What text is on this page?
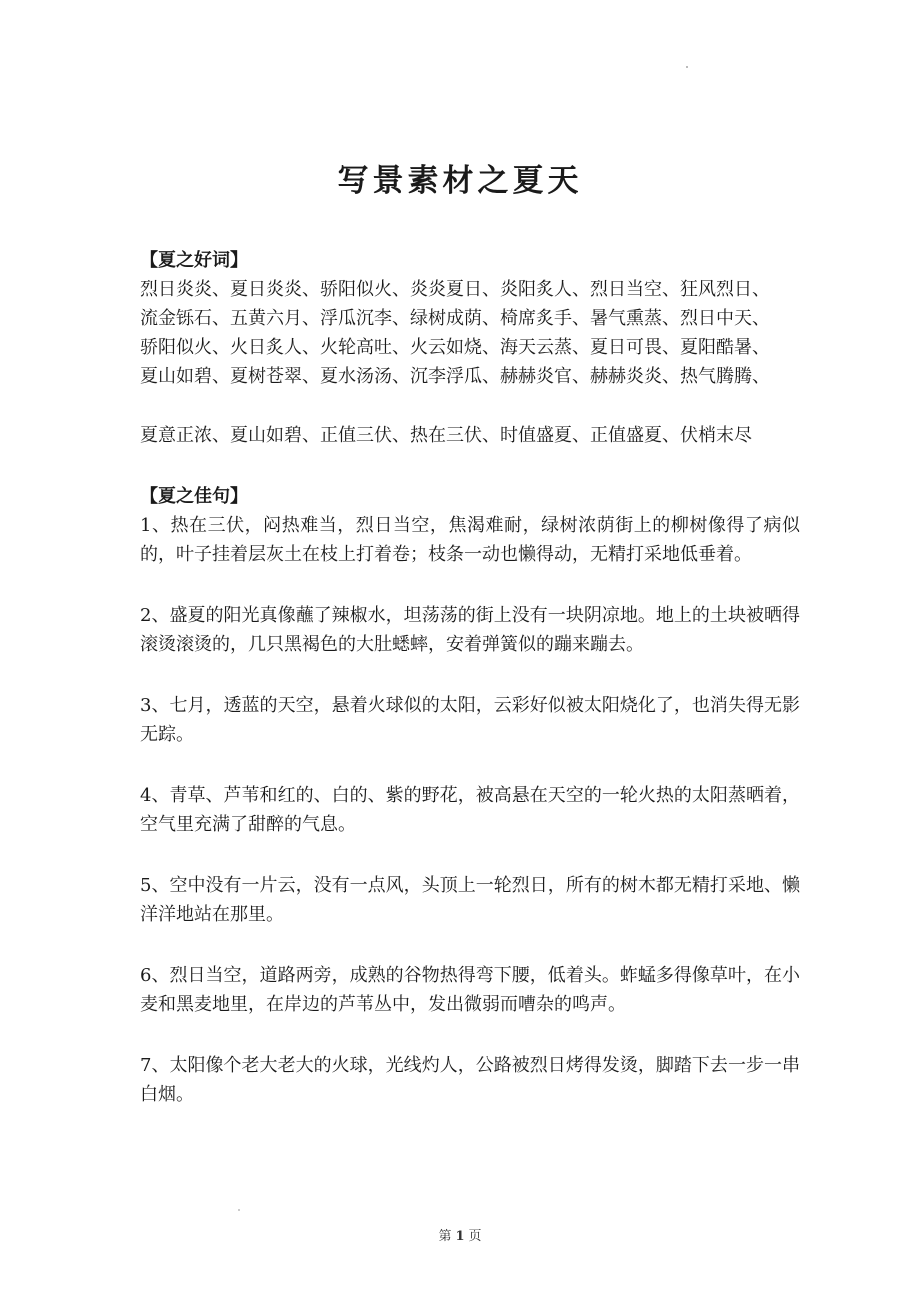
写景素材之夏天

【夏之好词】

烈日炎炎、夏日炎炎、骄阳似火、炎炎夏日、炎阳炙人、烈日当空、狂风烈日、

流金铄石、五黄六月、浮瓜沉李、绿树成荫、椅席炙手、暑气熏蒸、烈日中天、

骄阳似火、火日炙人、火轮高吐、火云如烧、海天云蒸、夏日可畏、夏阳酷暑、

夏山如碧、夏树苍翠、夏水汤汤、沉李浮瓜、赫赫炎官、赫赫炎炎、热气腾腾、

夏意正浓、夏山如碧、正值三伏、热在三伏、时值盛夏、正值盛夏、伏梢末尽

【夏之佳句】

1、热在三伏，闷热难当，烈日当空，焦渴难耐，绿树浓荫街上的柳树像得了病似的，叶子挂着层灰土在枝上打着卷；枝条一动也懒得动，无精打采地低垂着。

2、盛夏的阳光真像蘸了辣椒水，坦荡荡的街上没有一块阴凉地。地上的土块被晒得滚烫滚烫的，几只黑褐色的大肚蟋蟀，安着弹簧似的蹦来蹦去。

3、七月，透蓝的天空，悬着火球似的太阳，云彩好似被太阳烧化了，也消失得无影无踪。

4、青草、芦苇和红的、白的、紫的野花，被高悬在天空的一轮火热的太阳蒸晒着，空气里充满了甜醉的气息。

5、空中没有一片云，没有一点风，头顶上一轮烈日，所有的树木都无精打采地、懒洋洋地站在那里。

6、烈日当空，道路两旁，成熟的谷物热得弯下腰，低着头。蚱蜢多得像草叶，在小麦和黑麦地里，在岸边的芦苇丛中，发出微弱而嘈杂的鸣声。

7、太阳像个老大老大的火球，光线灼人，公路被烈日烤得发烫，脚踏下去一步一串白烟。

第 1 页
